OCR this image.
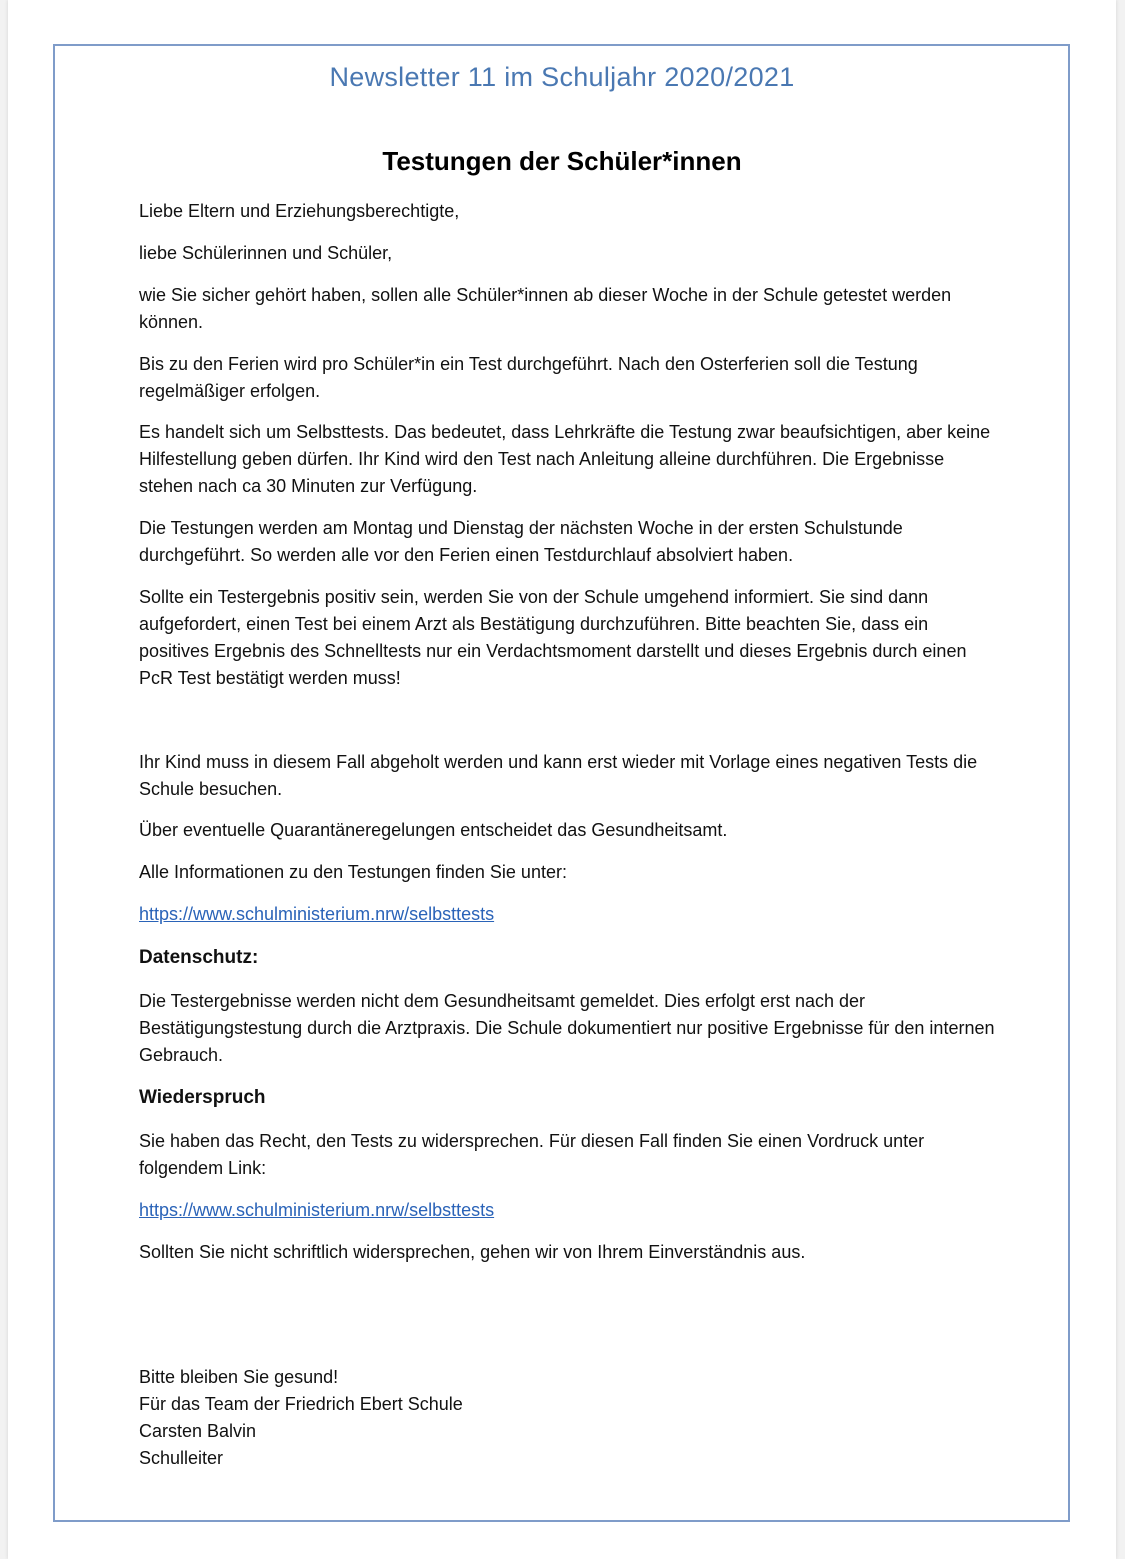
Newsletter 11 im Schuljahr 2020/2021
Testungen der Schüler*innen

Liebe Eltern und Erziehungsberechtigte,

liebe Schülerinnen und Schüler,

wie Sie sicher gehört haben, sollen alle Schüler*innen ab dieser Woche in der Schule getestet werden können.

Bis zu den Ferien wird pro Schüler*in ein Test durchgeführt. Nach den Osterferien soll die Testung regelmäßiger erfolgen.

Es handelt sich um Selbsttests. Das bedeutet, dass Lehrkräfte die Testung zwar beaufsichtigen, aber keine Hilfestellung geben dürfen. Ihr Kind wird den Test nach Anleitung alleine durchführen. Die Ergebnisse stehen nach ca 30 Minuten zur Verfügung.

Die Testungen werden am Montag und Dienstag der nächsten Woche in der ersten Schulstunde durchgeführt. So werden alle vor den Ferien einen Testdurchlauf absolviert haben.

Sollte ein Testergebnis positiv sein, werden Sie von der Schule umgehend informiert. Sie sind dann aufgefordert, einen Test bei einem Arzt als Bestätigung durchzuführen. Bitte beachten Sie, dass ein positives Ergebnis des Schnelltests nur ein Verdachtsmoment darstellt und dieses Ergebnis durch einen PcR Test bestätigt werden muss!

Ihr Kind muss in diesem Fall abgeholt werden und kann erst wieder mit Vorlage eines negativen Tests die Schule besuchen.

Über eventuelle Quarantäneregelungen entscheidet das Gesundheitsamt.

Alle Informationen zu den Testungen finden Sie unter:

https://www.schulministerium.nrw/selbsttests

Datenschutz:

Die Testergebnisse werden nicht dem Gesundheitsamt gemeldet. Dies erfolgt erst nach der Bestätigungstestung durch die Arztpraxis. Die Schule dokumentiert nur positive Ergebnisse für den internen Gebrauch.

Wiederspruch

Sie haben das Recht, den Tests zu widersprechen. Für diesen Fall finden Sie einen Vordruck unter folgendem Link:

https://www.schulministerium.nrw/selbsttests

Sollten Sie nicht schriftlich widersprechen, gehen wir von Ihrem Einverständnis aus.

Bitte bleiben Sie gesund!

Für das Team der Friedrich Ebert Schule

Carsten Balvin

Schulleiter
